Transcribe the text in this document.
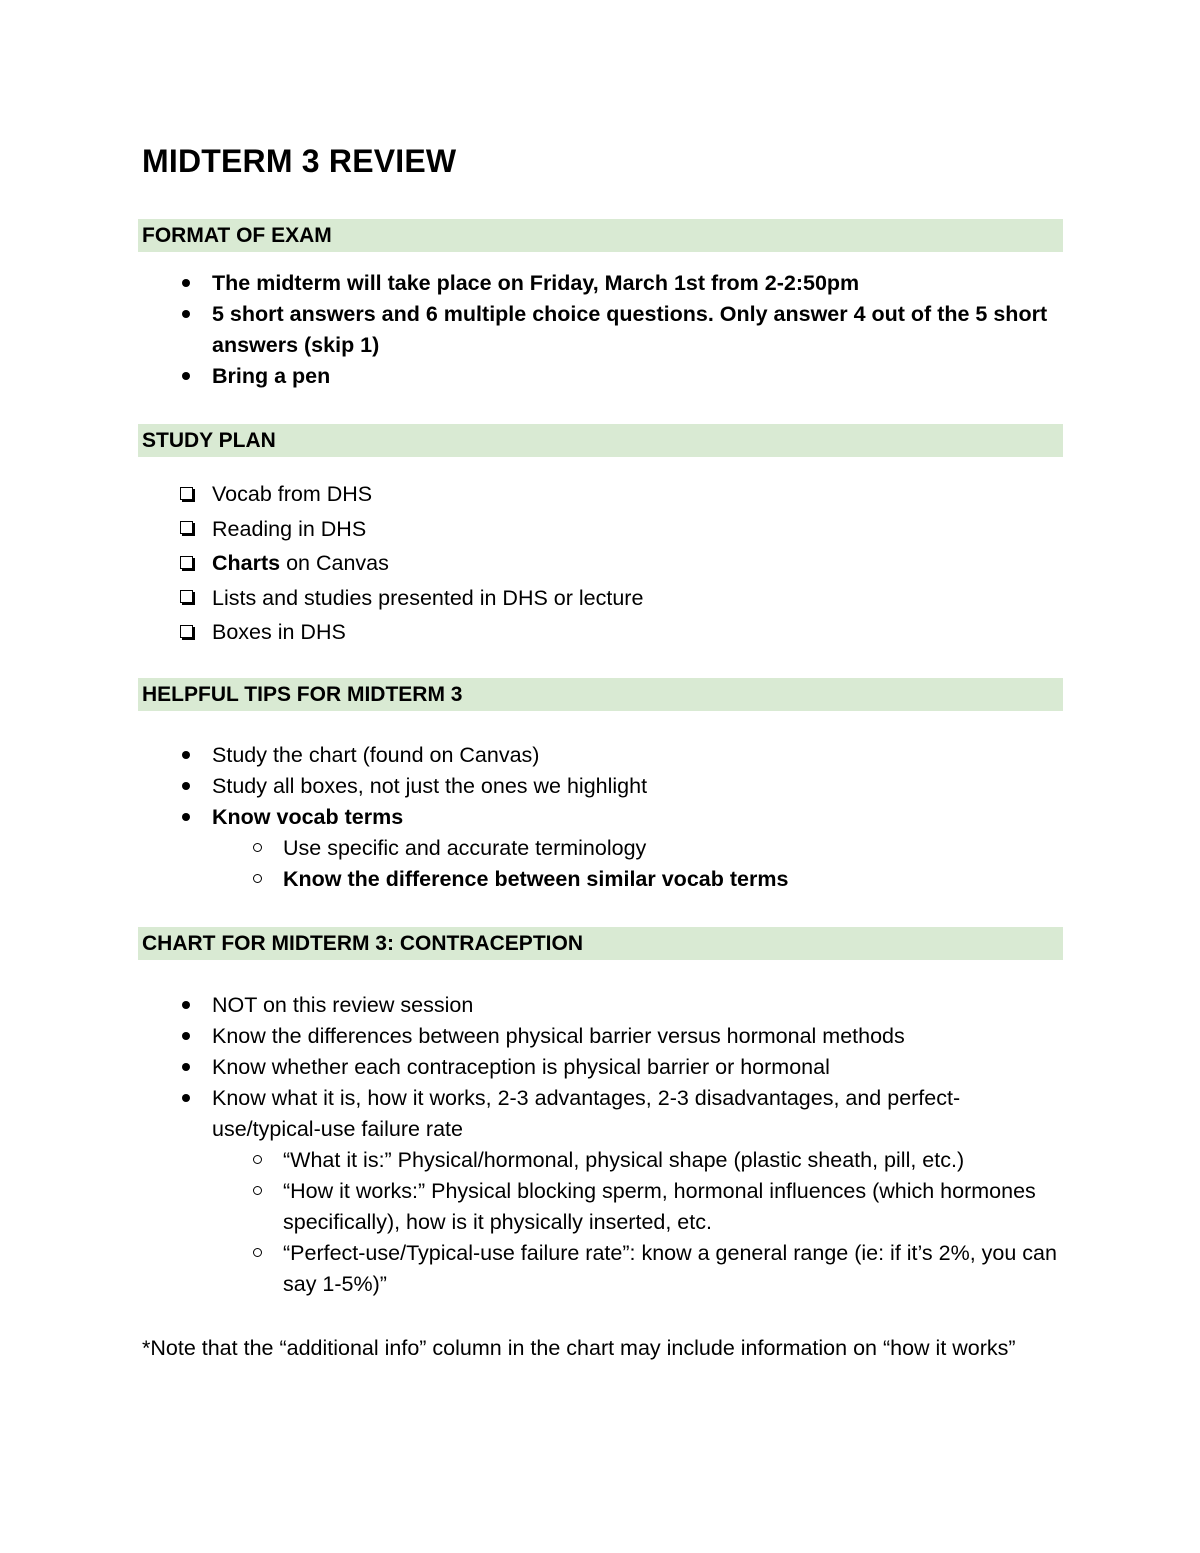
MIDTERM 3 REVIEW
FORMAT OF EXAM
The midterm will take place on Friday, March 1st from 2-2:50pm
5 short answers and 6 multiple choice questions. Only answer 4 out of the 5 short answers (skip 1)
Bring a pen
STUDY PLAN
Vocab from DHS
Reading in DHS
Charts on Canvas
Lists and studies presented in DHS or lecture
Boxes in DHS
HELPFUL TIPS FOR MIDTERM 3
Study the chart (found on Canvas)
Study all boxes, not just the ones we highlight
Know vocab terms
Use specific and accurate terminology
Know the difference between similar vocab terms
CHART FOR MIDTERM 3: CONTRACEPTION
NOT on this review session
Know the differences between physical barrier versus hormonal methods
Know whether each contraception is physical barrier or hormonal
Know what it is, how it works, 2-3 advantages, 2-3 disadvantages, and perfect-use/typical-use failure rate
“What it is:” Physical/hormonal, physical shape (plastic sheath, pill, etc.)
“How it works:” Physical blocking sperm, hormonal influences (which hormones specifically), how is it physically inserted, etc.
“Perfect-use/Typical-use failure rate”: know a general range (ie: if it’s 2%, you can say 1-5%)”
*Note that the “additional info” column in the chart may include information on “how it works”
